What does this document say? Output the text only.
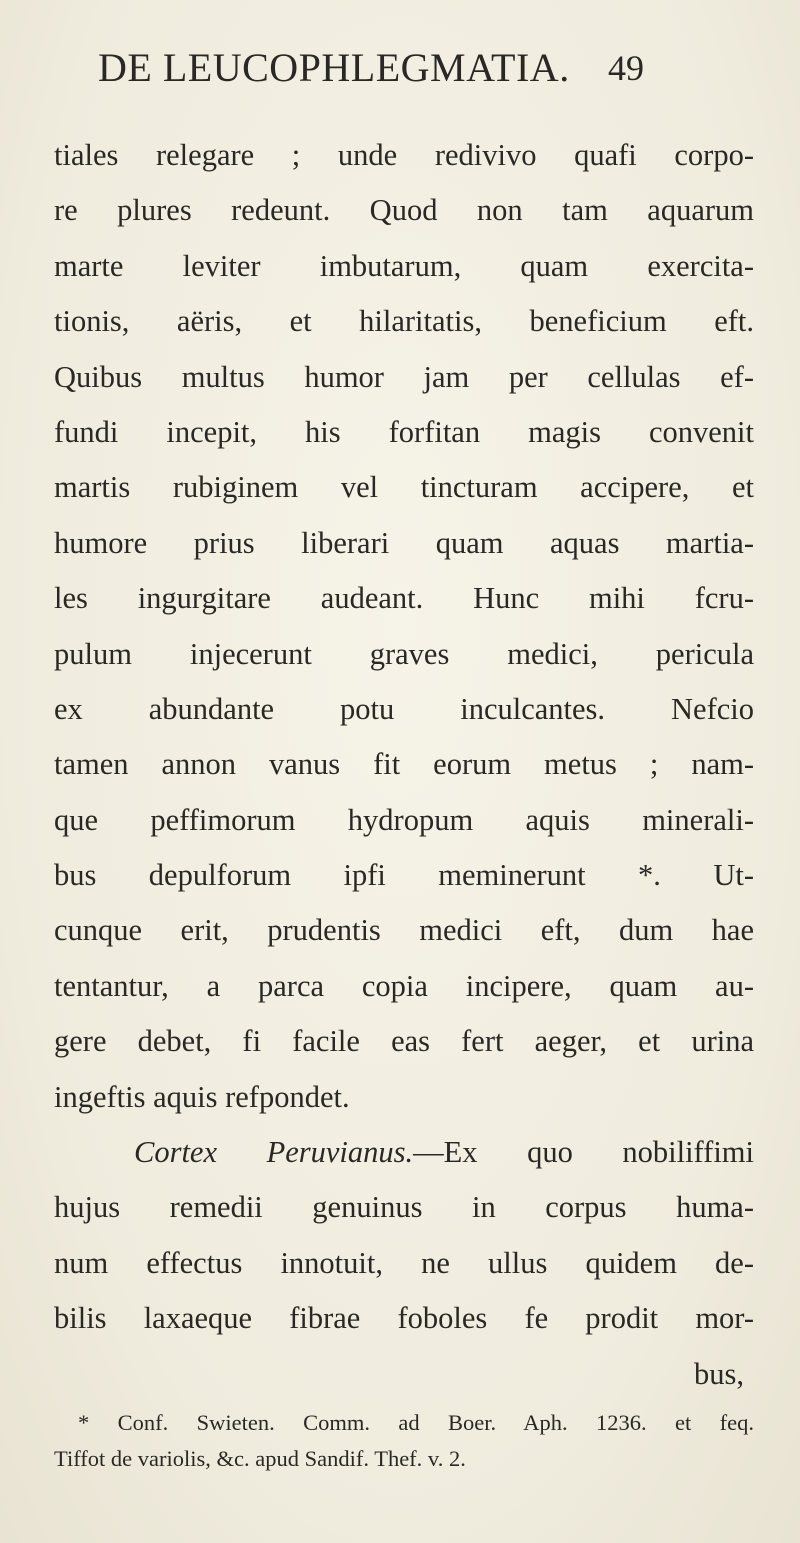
DE LEUCOPHLEGMATIA. 49
tiales relegare ; unde redivivo quafi corpo-
re plures redeunt. Quod non tam aquarum
marte leviter imbutarum, quam exercita-
tionis, aëris, et hilaritatis, beneficium eft.
Quibus multus humor jam per cellulas ef-
fundi incepit, his forfitan magis convenit
martis rubiginem vel tincturam accipere, et
humore prius liberari quam aquas martia-
les ingurgitare audeant. Hunc mihi fcru-
pulum injecerunt graves medici, pericula
ex abundante potu inculcantes. Nefcio
tamen annon vanus fit eorum metus ; nam-
que peffimorum hydropum aquis minerali-
bus depulforum ipfi meminerunt *. Ut-
cunque erit, prudentis medici eft, dum hae
tentantur, a parca copia incipere, quam au-
gere debet, fi facile eas fert aeger, et urina
ingeftis aquis refpondet.
Cortex Peruvianus.—Ex quo nobiliffimi
hujus remedii genuinus in corpus huma-
num effectus innotuit, ne ullus quidem de-
bilis laxaeque fibrae foboles fe prodit mor-
bus,
* Conf. Swieten. Comm. ad Boer. Aph. 1236. et feq.
Tiffot de variolis, &c. apud Sandif. Thef. v. 2.
